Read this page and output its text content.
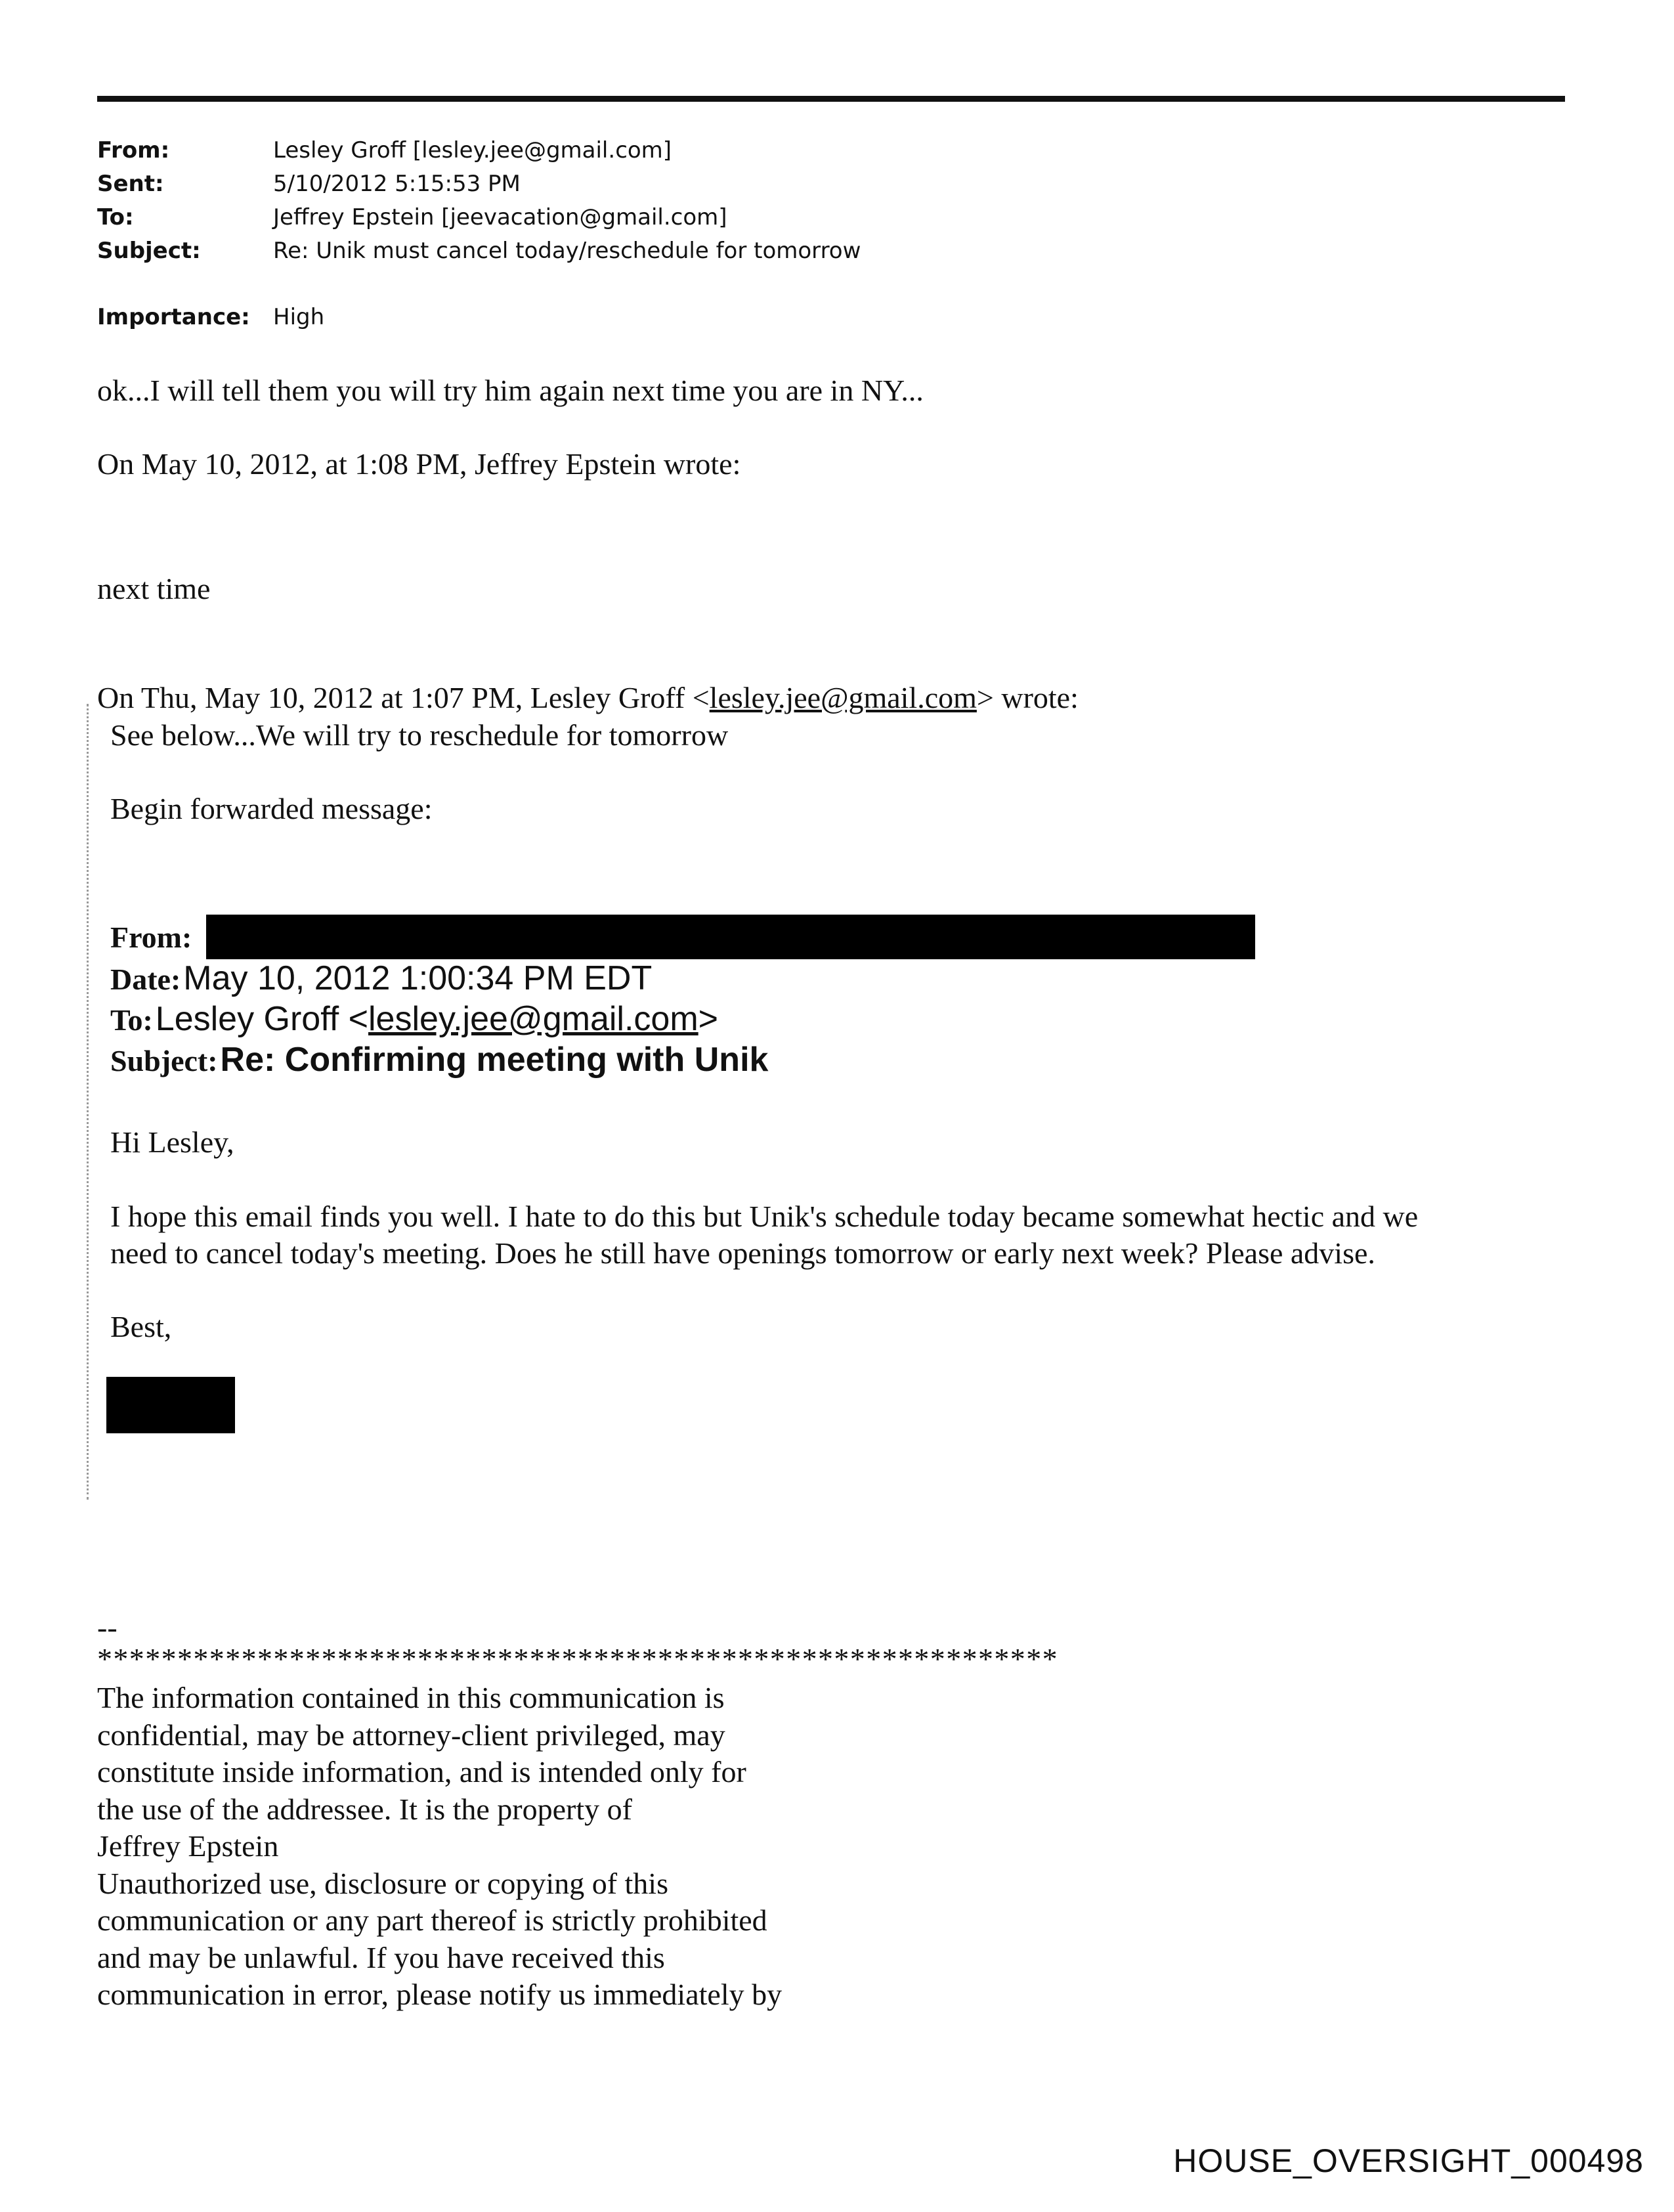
From:	Lesley Groff [lesley.jee@gmail.com]
Sent:	5/10/2012 5:15:53 PM
To:	Jeffrey Epstein [jeevacation@gmail.com]
Subject:	Re: Unik must cancel today/reschedule for tomorrow
Importance: High
ok...I will tell them you will try him again next time you are in NY...
On May 10, 2012, at 1:08 PM, Jeffrey Epstein wrote:
next time
On Thu, May 10, 2012 at 1:07 PM, Lesley Groff <lesley.jee@gmail.com> wrote:
See below...We will try to reschedule for tomorrow
Begin forwarded message:
From:
Date: May 10, 2012 1:00:34 PM EDT
To: Lesley Groff <lesley.jee@gmail.com>
Subject: Re: Confirming meeting with Unik
Hi Lesley,
I hope this email finds you well. I hate to do this but Unik's schedule today became somewhat hectic and we
need to cancel today's meeting. Does he still have openings tomorrow or early next week? Please advise.
Best,
--
************************************************************
The information contained in this communication is
confidential, may be attorney-client privileged, may
constitute inside information, and is intended only for
the use of the addressee. It is the property of
Jeffrey Epstein
Unauthorized use, disclosure or copying of this
communication or any part thereof is strictly prohibited
and may be unlawful. If you have received this
communication in error, please notify us immediately by
HOUSE_OVERSIGHT_000498
